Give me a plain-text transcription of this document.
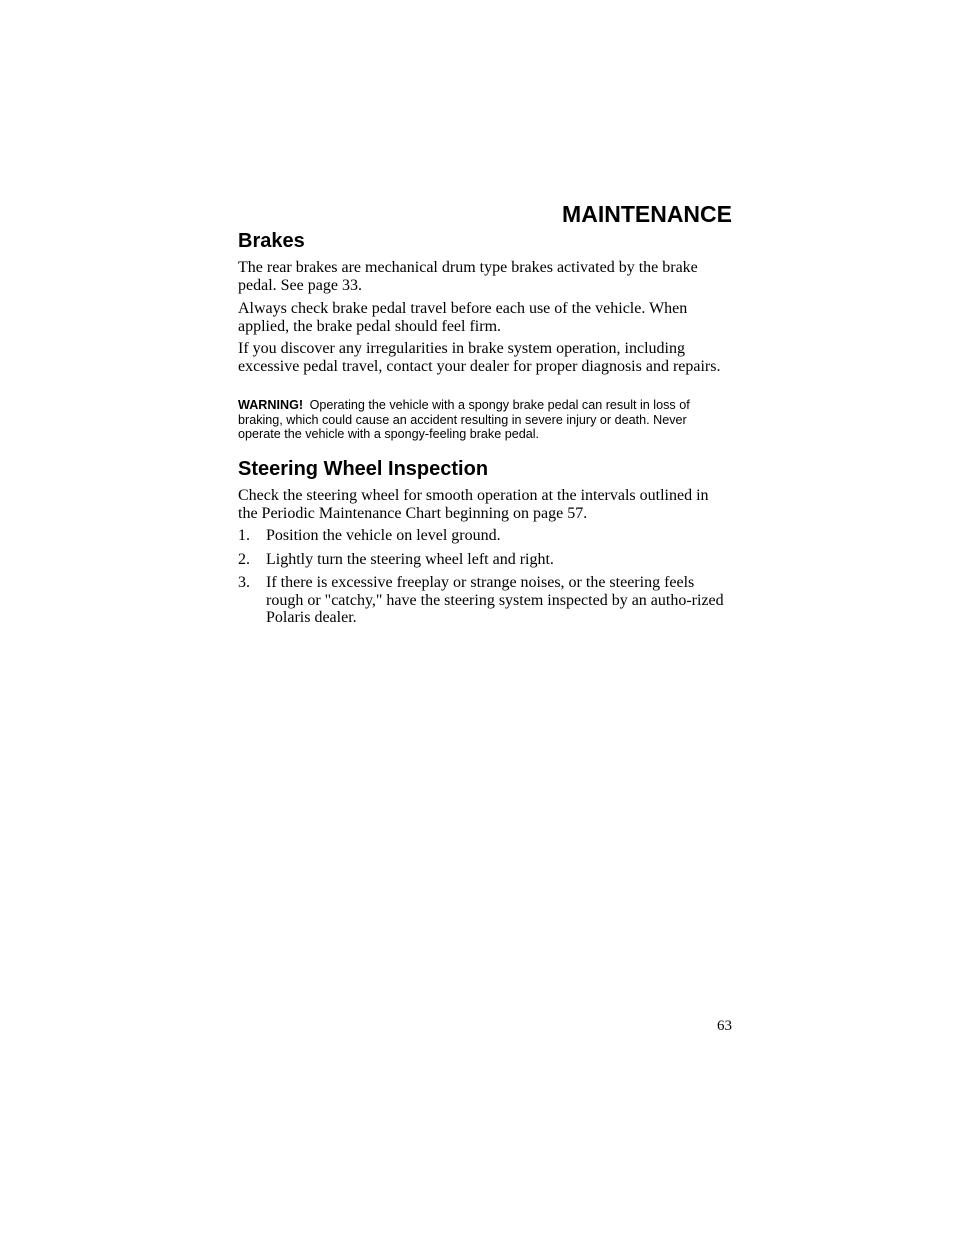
MAINTENANCE
Brakes

The rear brakes are mechanical drum type brakes activated by the brake pedal. See page 33.

Always check brake pedal travel before each use of the vehicle. When applied, the brake pedal should feel firm.

If you discover any irregularities in brake system operation, including excessive pedal travel, contact your dealer for proper diagnosis and repairs.

WARNING! Operating the vehicle with a spongy brake pedal can result in loss of braking, which could cause an accident resulting in severe injury or death. Never operate the vehicle with a spongy-feeling brake pedal.

Steering Wheel Inspection

Check the steering wheel for smooth operation at the intervals outlined in the Periodic Maintenance Chart beginning on page 57.

1. Position the vehicle on level ground.
2. Lightly turn the steering wheel left and right.
3. If there is excessive freeplay or strange noises, or the steering feels rough or "catchy," have the steering system inspected by an autho-rized Polaris dealer.
63
